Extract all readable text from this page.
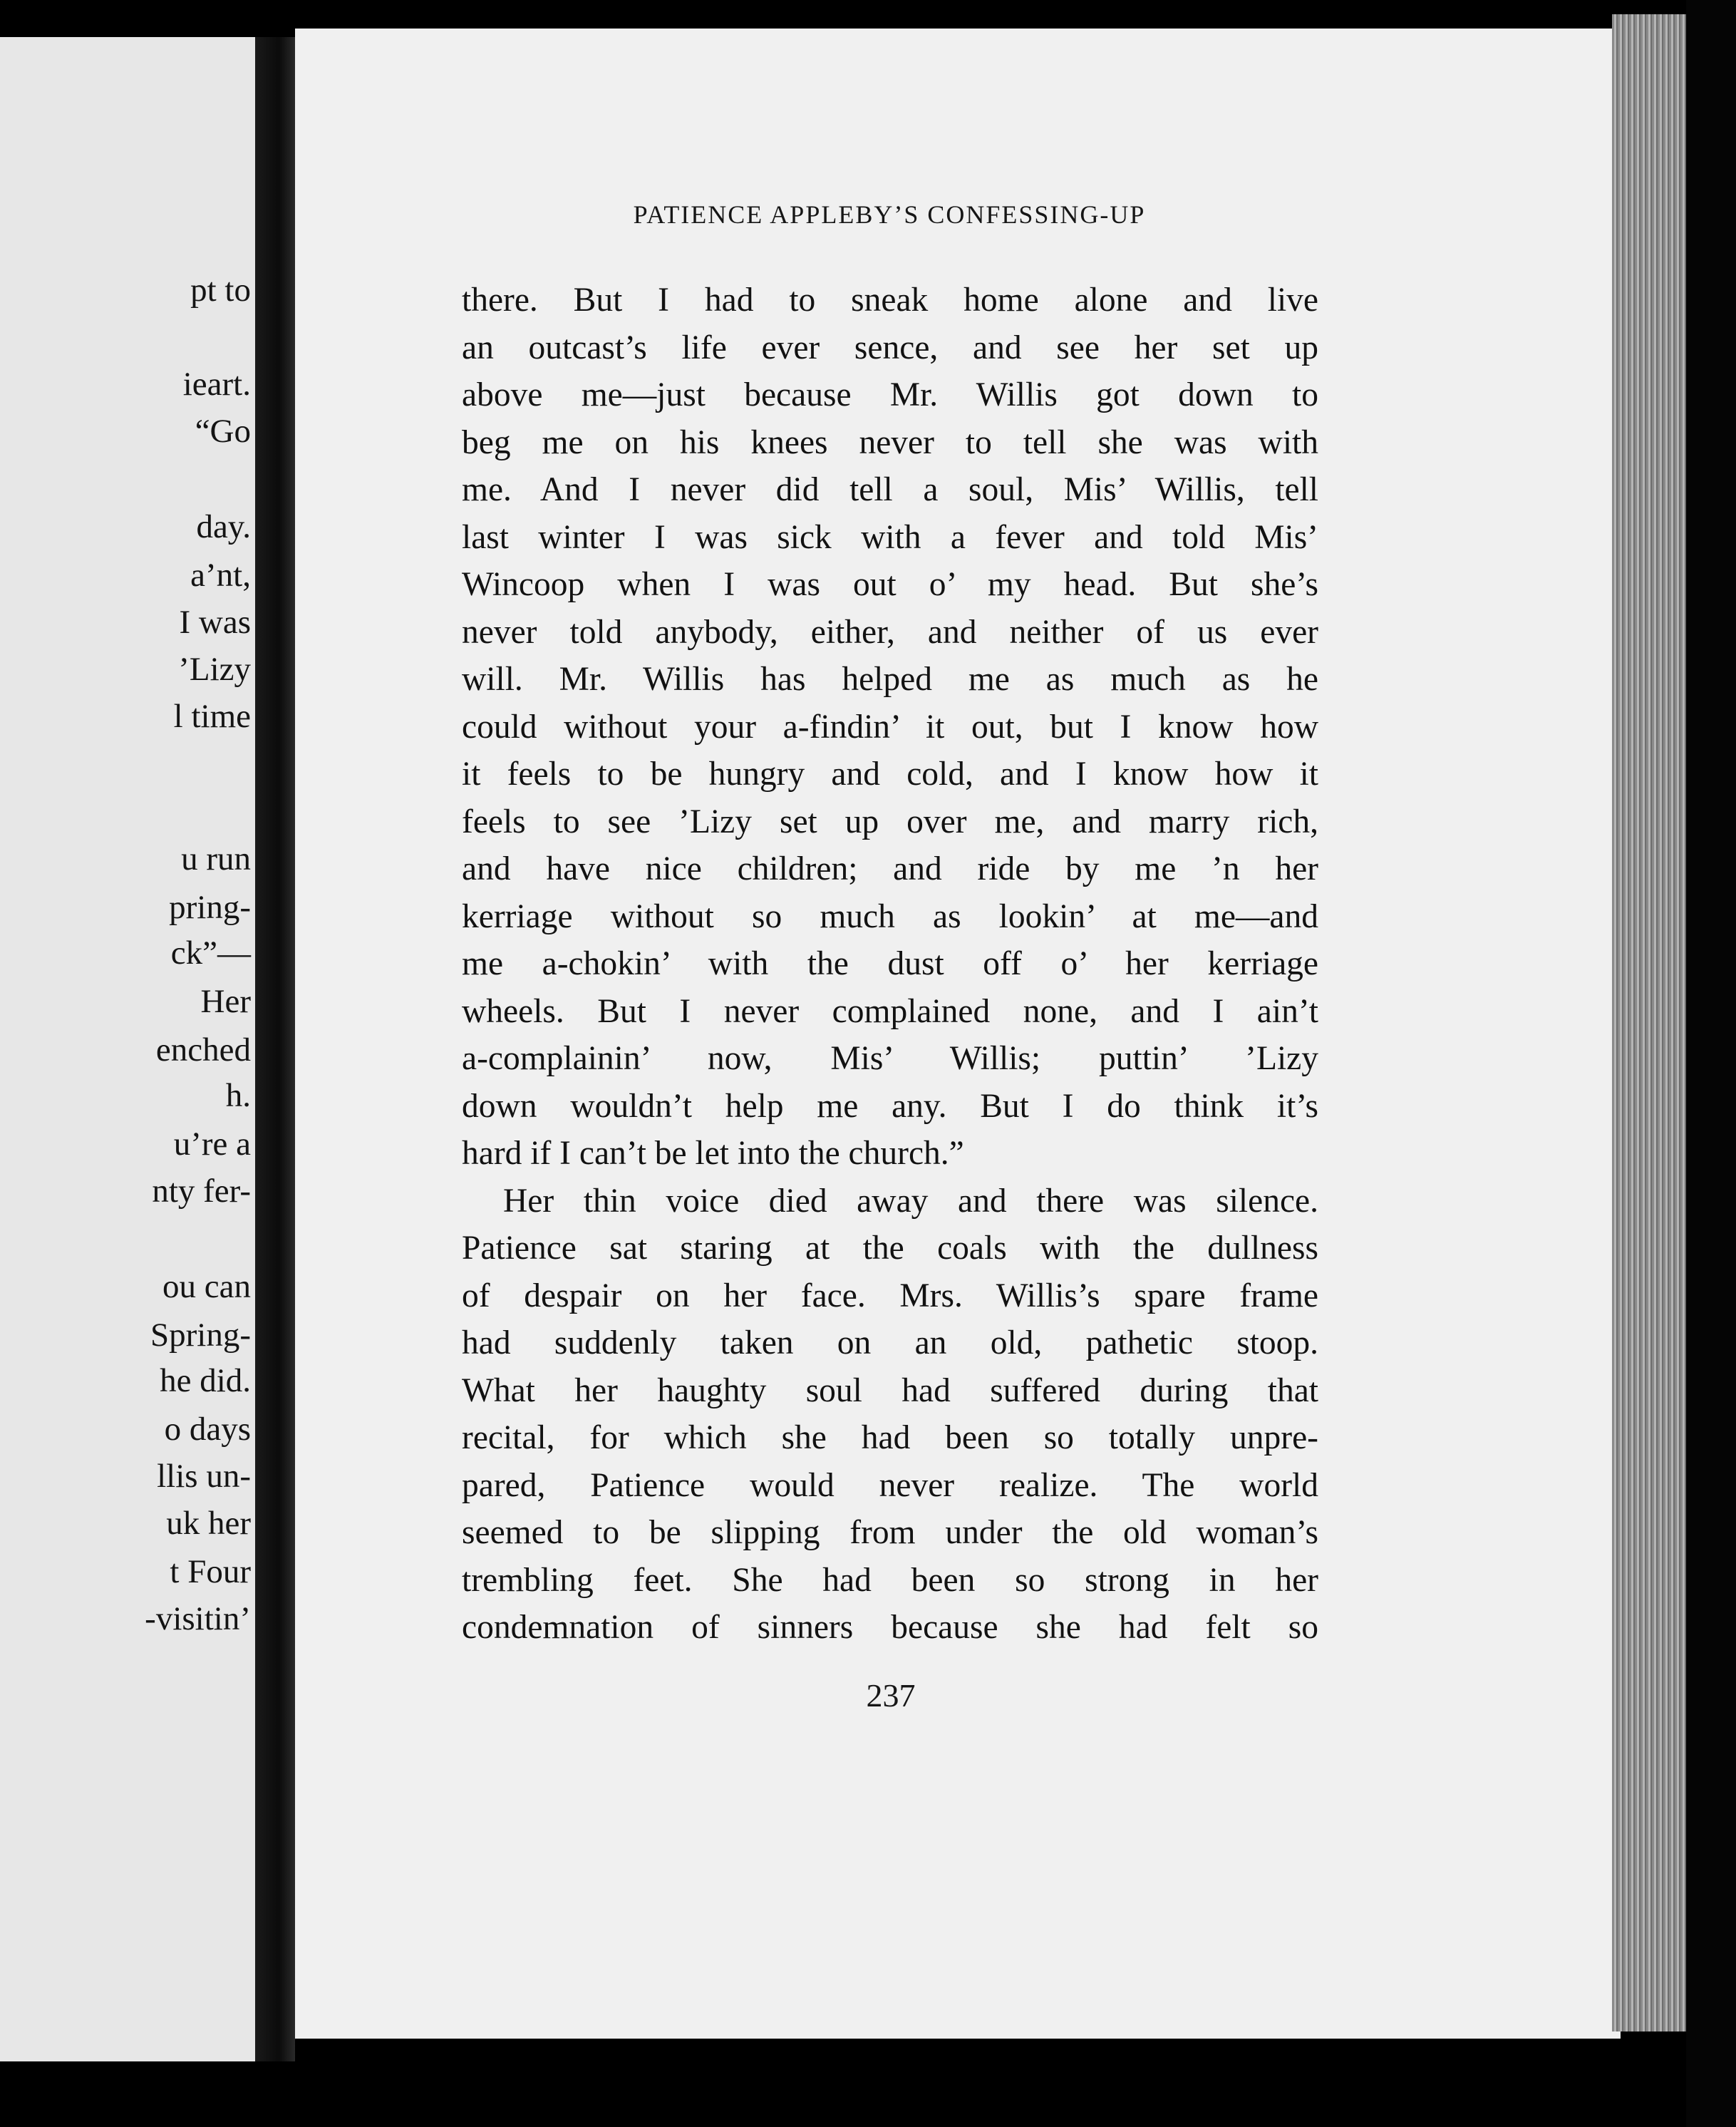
pt to
ieart.
“Go
day.
a’nt,
I was
’Lizy
l time
u run
pring-
ck”—
Her
enched
h.
u’re a
nty fer-
ou can
Spring-
he did.
o days
llis un-
uk her
t Four
-visitin’
PATIENCE APPLEBY’S CONFESSING-UP
there. But I had to sneak home alone and live
an outcast’s life ever sence, and see her set up
above me—just because Mr. Willis got down to
beg me on his knees never to tell she was with
me. And I never did tell a soul, Mis’ Willis, tell
last winter I was sick with a fever and told Mis’
Wincoop when I was out o’ my head. But she’s
never told anybody, either, and neither of us ever
will. Mr. Willis has helped me as much as he
could without your a-findin’ it out, but I know how
it feels to be hungry and cold, and I know how it
feels to see ’Lizy set up over me, and marry rich,
and have nice children; and ride by me ’n her
kerriage without so much as lookin’ at me—and
me a-chokin’ with the dust off o’ her kerriage
wheels. But I never complained none, and I ain’t
a-complainin’ now, Mis’ Willis; puttin’ ’Lizy
down wouldn’t help me any. But I do think it’s
hard if I can’t be let into the church.”
Her thin voice died away and there was silence.
Patience sat staring at the coals with the dullness
of despair on her face. Mrs. Willis’s spare frame
had suddenly taken on an old, pathetic stoop.
What her haughty soul had suffered during that
recital, for which she had been so totally unpre-
pared, Patience would never realize. The world
seemed to be slipping from under the old woman’s
trembling feet. She had been so strong in her
condemnation of sinners because she had felt so
237
